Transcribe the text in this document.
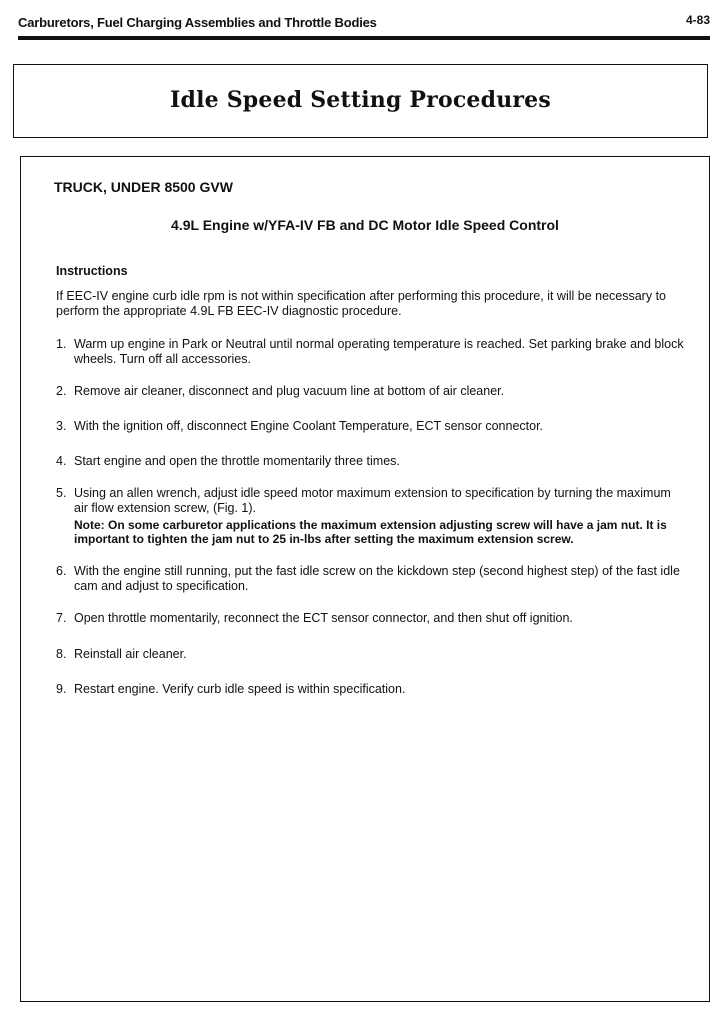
Carburetors, Fuel Charging Assemblies and Throttle Bodies	4-83
Idle Speed Setting Procedures
TRUCK, UNDER 8500 GVW
4.9L Engine w/YFA-IV FB and DC Motor Idle Speed Control
Instructions
If EEC-IV engine curb idle rpm is not within specification after performing this procedure, it will be necessary to perform the appropriate 4.9L FB EEC-IV diagnostic procedure.
1. Warm up engine in Park or Neutral until normal operating temperature is reached. Set parking brake and block wheels. Turn off all accessories.
2. Remove air cleaner, disconnect and plug vacuum line at bottom of air cleaner.
3. With the ignition off, disconnect Engine Coolant Temperature, ECT sensor connector.
4. Start engine and open the throttle momentarily three times.
5. Using an allen wrench, adjust idle speed motor maximum extension to specification by turning the maximum air flow extension screw, (Fig. 1).
Note: On some carburetor applications the maximum extension adjusting screw will have a jam nut. It is important to tighten the jam nut to 25 in-lbs after setting the maximum extension screw.
6. With the engine still running, put the fast idle screw on the kickdown step (second highest step) of the fast idle cam and adjust to specification.
7. Open throttle momentarily, reconnect the ECT sensor connector, and then shut off ignition.
8. Reinstall air cleaner.
9. Restart engine. Verify curb idle speed is within specification.
